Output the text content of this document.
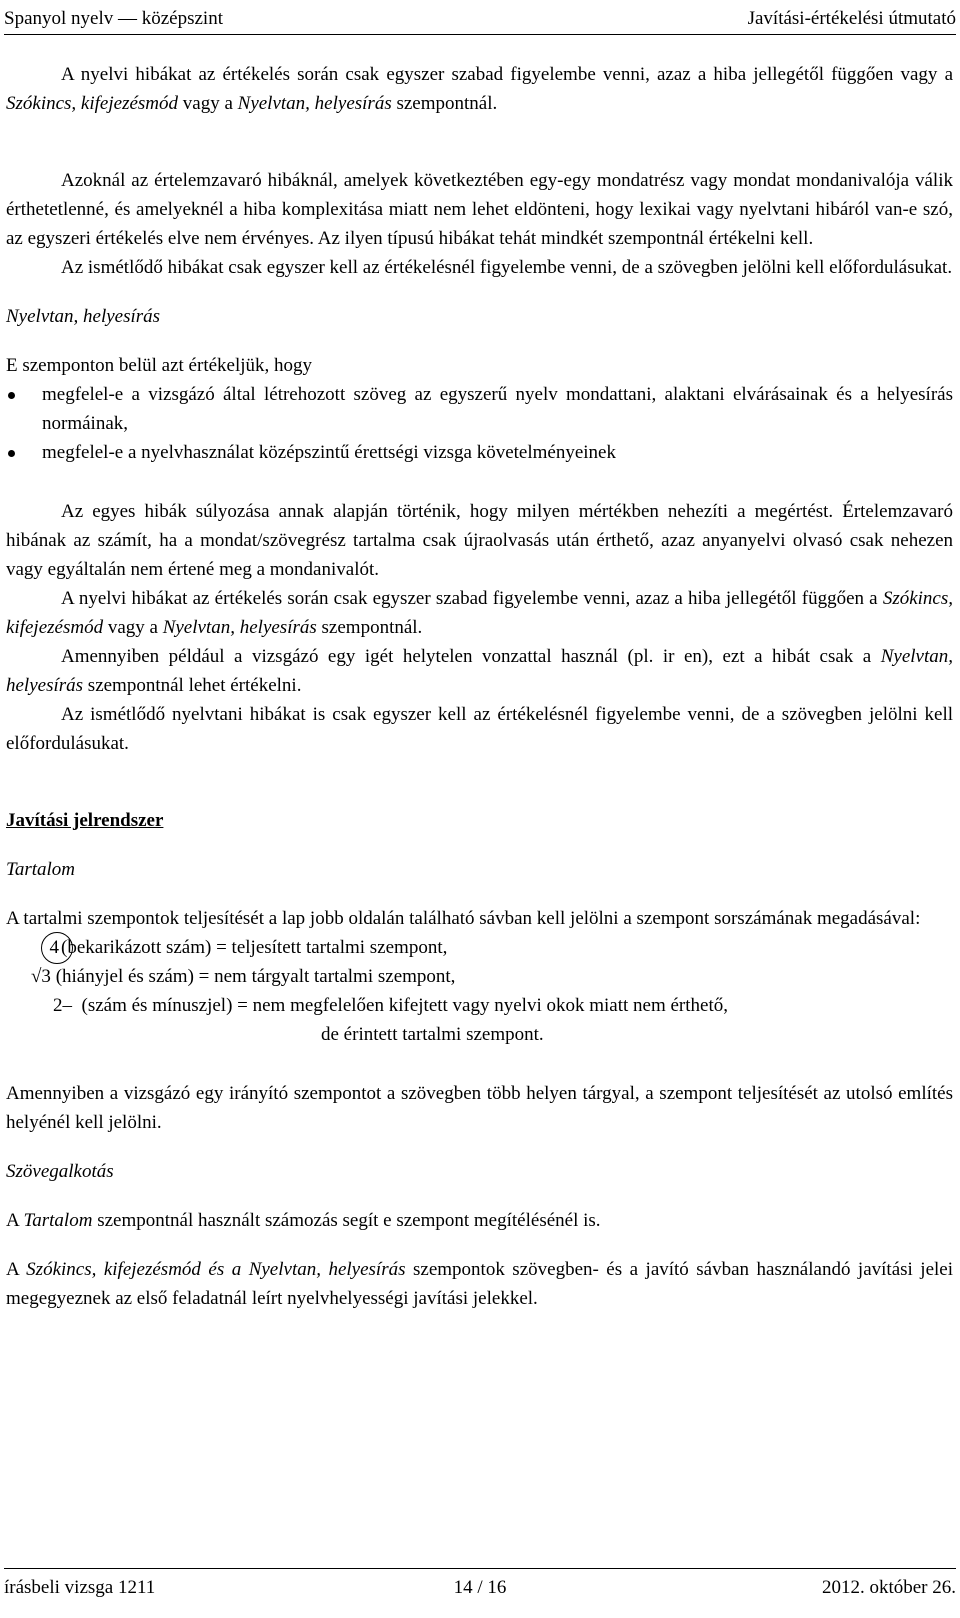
Spanyol nyelv — középszint	Javítási-értékelési útmutató

A nyelvi hibákat az értékelés során csak egyszer szabad figyelembe venni, azaz a hiba jellegétől függően vagy a Szókincs, kifejezésmód vagy a Nyelvtan, helyesírás szempontnál.

Azoknál az értelemzavaró hibáknál, amelyek következtében egy-egy mondatrész vagy mondat mondanivalója válik érthetetlenné, és amelyeknél a hiba komplexitása miatt nem lehet eldönteni, hogy lexikai vagy nyelvtani hibáról van-e szó, az egyszeri értékelés elve nem érvényes. Az ilyen típusú hibákat tehát mindkét szempontnál értékelni kell.

Az ismétlődő hibákat csak egyszer kell az értékelésnél figyelembe venni, de a szövegben jelölni kell előfordulásukat.

Nyelvtan, helyesírás

E szemponton belül azt értékeljük, hogy

megfelel-e a vizsgázó által létrehozott szöveg az egyszerű nyelv mondattani, alaktani elvárásainak és a helyesírás normáinak,
megfelel-e a nyelvhasználat középszintű érettségi vizsga követelményeinek

Az egyes hibák súlyozása annak alapján történik, hogy milyen mértékben nehezíti a megértést. Értelemzavaró hibának az számít, ha a mondat/szövegrész tartalma csak újraolvasás után érthető, azaz anyanyelvi olvasó csak nehezen vagy egyáltalán nem értené meg a mondanivalót.

A nyelvi hibákat az értékelés során csak egyszer szabad figyelembe venni, azaz a hiba jellegétől függően a Szókincs, kifejezésmód vagy a Nyelvtan, helyesírás szempontnál.

Amennyiben például a vizsgázó egy igét helytelen vonzattal használ (pl. ir en), ezt a hibát csak a Nyelvtan, helyesírás szempontnál lehet értékelni.

Az ismétlődő nyelvtani hibákat is csak egyszer kell az értékelésnél figyelembe venni, de a szövegben jelölni kell előfordulásukat.

Javítási jelrendszer

Tartalom

A tartalmi szempontok teljesítését a lap jobb oldalán található sávban kell jelölni a szempont sorszámának megadásával:

4 (bekarikázott szám) = teljesített tartalmi szempont,
√3 (hiányjel és szám) = nem tárgyalt tartalmi szempont,
2– (szám és mínuszjel) = nem megfelelően kifejtett vagy nyelvi okok miatt nem érthető,
de érintett tartalmi szempont.

Amennyiben a vizsgázó egy irányító szempontot a szövegben több helyen tárgyal, a szempont teljesítését az utolsó említés helyénél kell jelölni.

Szövegalkotás

A Tartalom szempontnál használt számozás segít e szempont megítélésénél is.

A Szókincs, kifejezésmód és a Nyelvtan, helyesírás szempontok szövegben- és a javító sávban használandó javítási jelei megegyeznek az első feladatnál leírt nyelvhelyességi javítási jelekkel.

írásbeli vizsga 1211	14 / 16	2012. október 26.
